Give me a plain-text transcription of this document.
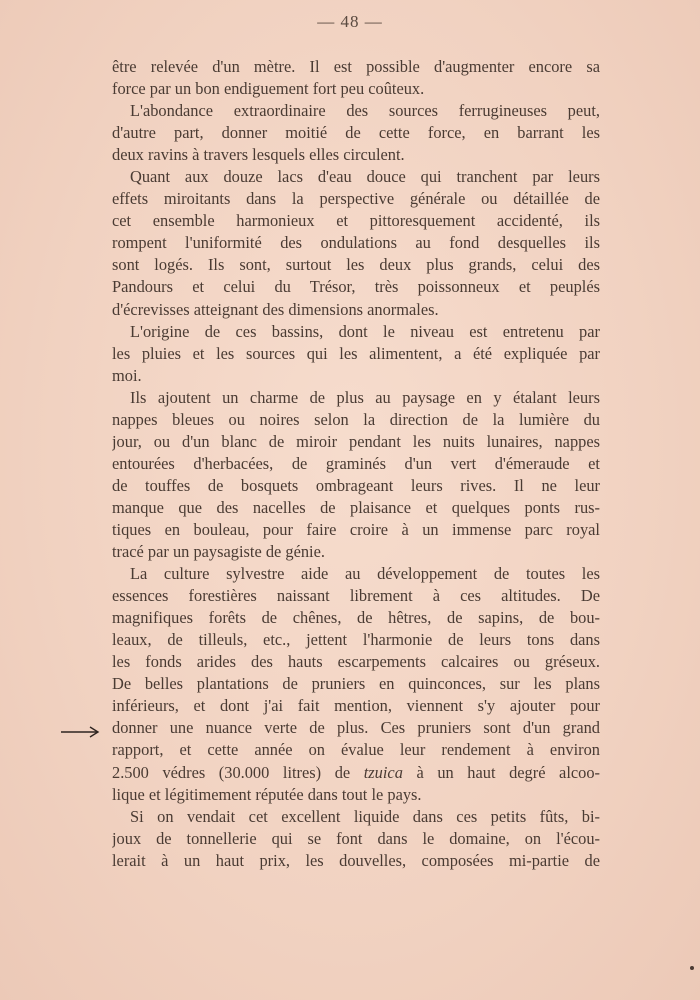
— 48 —
être relevée d'un mètre. Il est possible d'augmenter encore sa
force par un bon endiguement fort peu coûteux.
L'abondance extraordinaire des sources ferrugineuses peut,
d'autre part, donner moitié de cette force, en barrant les
deux ravins à travers lesquels elles circulent.
Quant aux douze lacs d'eau douce qui tranchent par leurs
effets miroitants dans la perspective générale ou détaillée de
cet ensemble harmonieux et pittoresquement accidenté, ils
rompent l'uniformité des ondulations au fond desquelles ils
sont logés. Ils sont, surtout les deux plus grands, celui des
Pandours et celui du Trésor, très poissonneux et peuplés
d'écrevisses atteignant des dimensions anormales.
L'origine de ces bassins, dont le niveau est entretenu par
les pluies et les sources qui les alimentent, a été expliquée par
moi.
Ils ajoutent un charme de plus au paysage en y étalant leurs
nappes bleues ou noires selon la direction de la lumière du
jour, ou d'un blanc de miroir pendant les nuits lunaires, nappes
entourées d'herbacées, de graminés d'un vert d'émeraude et
de touffes de bosquets ombrageant leurs rives. Il ne leur
manque que des nacelles de plaisance et quelques ponts rus-
tiques en bouleau, pour faire croire à un immense parc royal
tracé par un paysagiste de génie.
La culture sylvestre aide au développement de toutes les
essences forestières naissant librement à ces altitudes. De
magnifiques forêts de chênes, de hêtres, de sapins, de bou-
leaux, de tilleuls, etc., jettent l'harmonie de leurs tons dans
les fonds arides des hauts escarpements calcaires ou gréseux.
De belles plantations de pruniers en quinconces, sur les plans
inférieurs, et dont j'ai fait mention, viennent s'y ajouter pour
donner une nuance verte de plus. Ces pruniers sont d'un grand
rapport, et cette année on évalue leur rendement à environ
2.500 védres (30.000 litres) de tzuica à un haut degré alcoo-
lique et légitimement réputée dans tout le pays.
Si on vendait cet excellent liquide dans ces petits fûts, bi-
joux de tonnellerie qui se font dans le domaine, on l'écou-
lerait à un haut prix, les douvelles, composées mi-partie de
